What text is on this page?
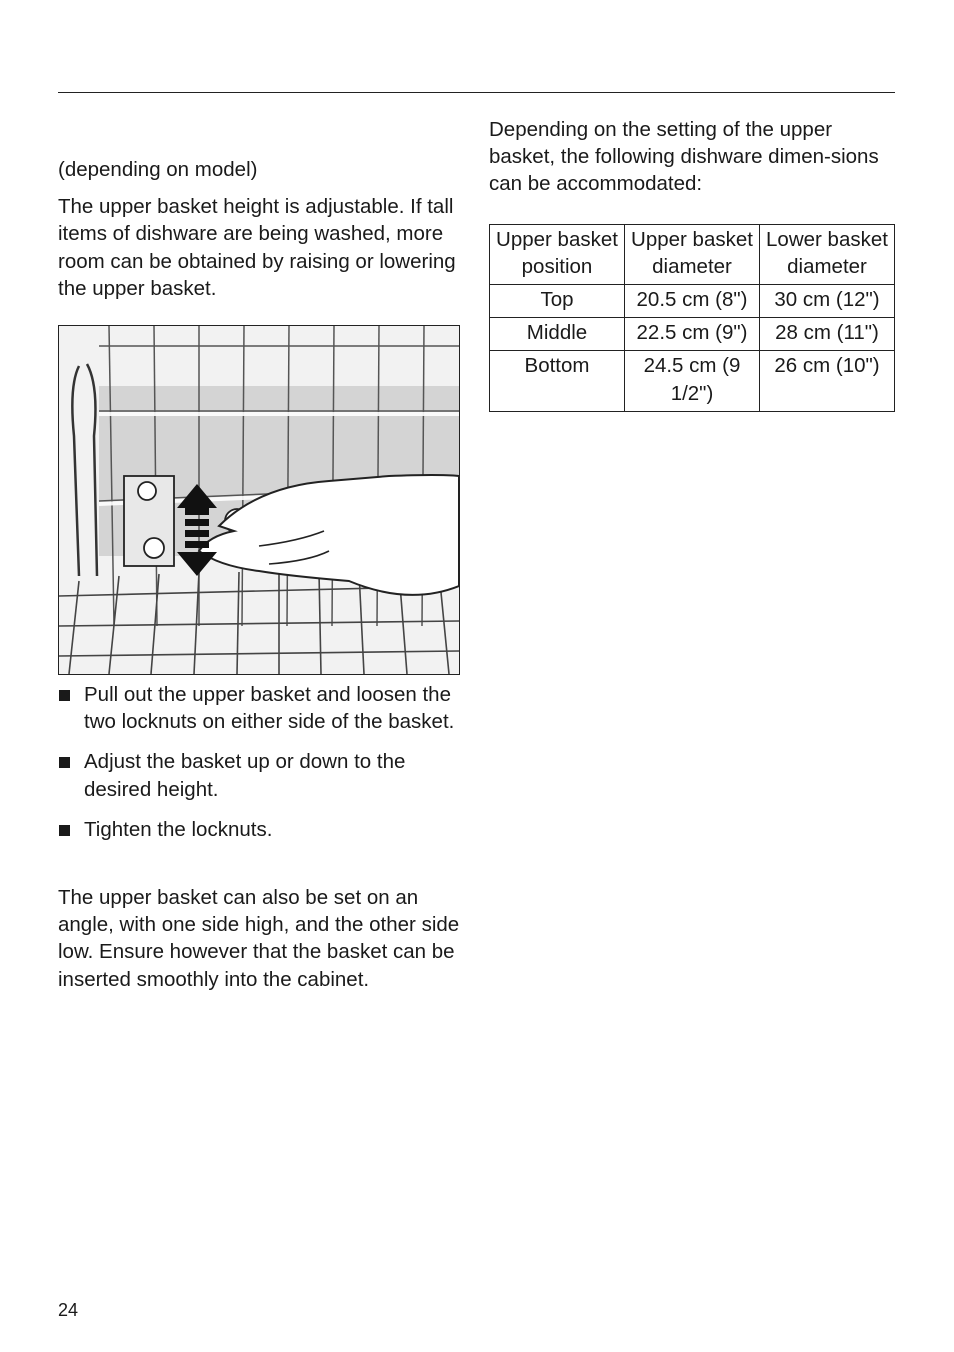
(depending on model)

The upper basket height is adjustable. If tall items of dishware are being washed, more room can be obtained by raising or lowering the upper basket.

Pull out the upper basket and loosen the two locknuts on either side of the basket.
Adjust the basket up or down to the desired height.
Tighten the locknuts.

The upper basket can also be set on an angle, with one side high, and the other side low. Ensure however that the basket can be inserted smoothly into the cabinet.

Depending on the setting of the upper basket, the following dishware dimen-sions can be accommodated:

Upper basket position	Upper basket diameter	Lower basket diameter
Top	20.5 cm (8")	30 cm (12")
Middle	22.5 cm (9")	28 cm (11")
Bottom	24.5 cm (9 1/2")	26 cm (10")
24
